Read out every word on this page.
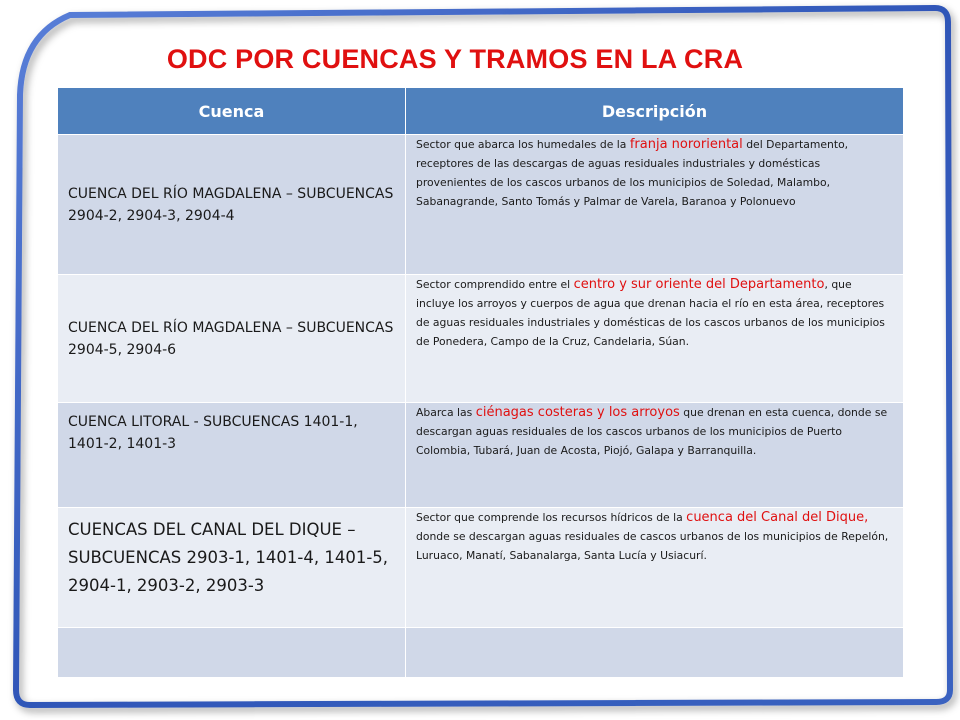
ODC POR CUENCAS Y TRAMOS EN LA CRA
Cuenca	Descripción
CUENCA DEL RÍO MAGDALENA – SUBCUENCAS 2904-2, 2904-3, 2904-4	Sector que abarca los humedales de la franja nororiental del Departamento, receptores de las descargas de aguas residuales industriales y domésticas provenientes de los cascos urbanos de los municipios de Soledad, Malambo, Sabanagrande, Santo Tomás y Palmar de Varela, Baranoa y Polonuevo
CUENCA DEL RÍO MAGDALENA – SUBCUENCAS 2904-5, 2904-6	Sector comprendido entre el centro y sur oriente del Departamento, que incluye los arroyos y cuerpos de agua que drenan hacia el río en esta área, receptores de aguas residuales industriales y domésticas de los cascos urbanos de los municipios de Ponedera, Campo de la Cruz, Candelaria, Súan.
CUENCA LITORAL - SUBCUENCAS 1401-1, 1401-2, 1401-3	Abarca las ciénagas costeras y los arroyos que drenan en esta cuenca, donde se descargan aguas residuales de los cascos urbanos de los municipios de Puerto Colombia, Tubará, Juan de Acosta, Piojó, Galapa y Barranquilla.
CUENCAS DEL CANAL DEL DIQUE – SUBCUENCAS 2903-1, 1401-4, 1401-5, 2904-1, 2903-2, 2903-3	Sector que comprende los recursos hídricos de la cuenca del Canal del Dique, donde se descargan aguas residuales de cascos urbanos de los municipios de Repelón, Luruaco, Manatí, Sabanalarga, Santa Lucía y Usiacurí.
